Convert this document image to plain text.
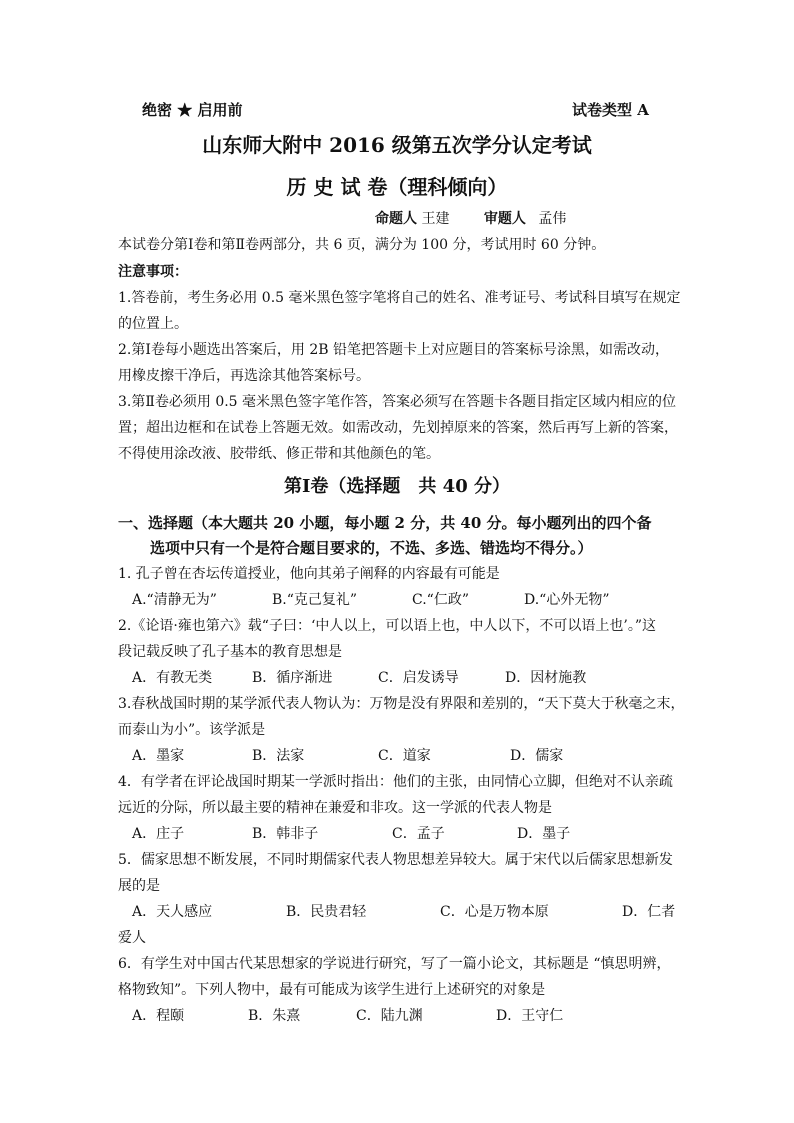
绝密 ★ 启用前	试卷类型 A
山东师大附中 2016 级第五次学分认定考试
历 史 试 卷（理科倾向）
命题人 王建 审题人 孟伟
本试卷分第Ⅰ卷和第Ⅱ卷两部分，共 6 页，满分为 100 分，考试用时 60 分钟。
注意事项：
1.答卷前，考生务必用 0.5 毫米黑色签字笔将自己的姓名、准考证号、考试科目填写在规定
的位置上。
2.第Ⅰ卷每小题选出答案后，用 2B 铅笔把答题卡上对应题目的答案标号涂黑，如需改动，
用橡皮擦干净后，再选涂其他答案标号。
3.第Ⅱ卷必须用 0.5 毫米黑色签字笔作答，答案必须写在答题卡各题目指定区域内相应的位
置；超出边框和在试卷上答题无效。如需改动，先划掉原来的答案，然后再写上新的答案，
不得使用涂改液、胶带纸、修正带和其他颜色的笔。
第Ⅰ卷（选择题　共 40 分）
一、选择题（本大题共 20 小题，每小题 2 分，共 40 分。每小题列出的四个备
选项中只有一个是符合题目要求的，不选、多选、错选均不得分。）
1. 孔子曾在杏坛传道授业，他向其弟子阐释的内容最有可能是
A.“清静无为”	B.“克己复礼”	C.“仁政”	D.“心外无物”
2.《论语·雍也第六》载“子曰：‘中人以上，可以语上也，中人以下，不可以语上也’。”这
段记载反映了孔子基本的教育思想是
A．有教无类	B．循序渐进	C．启发诱导	D．因材施教
3.春秋战国时期的某学派代表人物认为：万物是没有界限和差别的，“天下莫大于秋毫之末，
而泰山为小”。该学派是
A．墨家	B．法家	C．道家	D．儒家
4．有学者在评论战国时期某一学派时指出：他们的主张，由同情心立脚，但绝对不认亲疏
远近的分际，所以最主要的精神在兼爱和非攻。这一学派的代表人物是
A．庄子	B．韩非子	C．孟子	D．墨子
5．儒家思想不断发展，不同时期儒家代表人物思想差异较大。属于宋代以后儒家思想新发
展的是
A．天人感应	B．民贵君轻	C．心是万物本原	D．仁者
爱人
6．有学生对中国古代某思想家的学说进行研究，写了一篇小论文，其标题是 “慎思明辨，
格物致知”。下列人物中，最有可能成为该学生进行上述研究的对象是
A．程颐	B．朱熹	C．陆九渊	D．王守仁
